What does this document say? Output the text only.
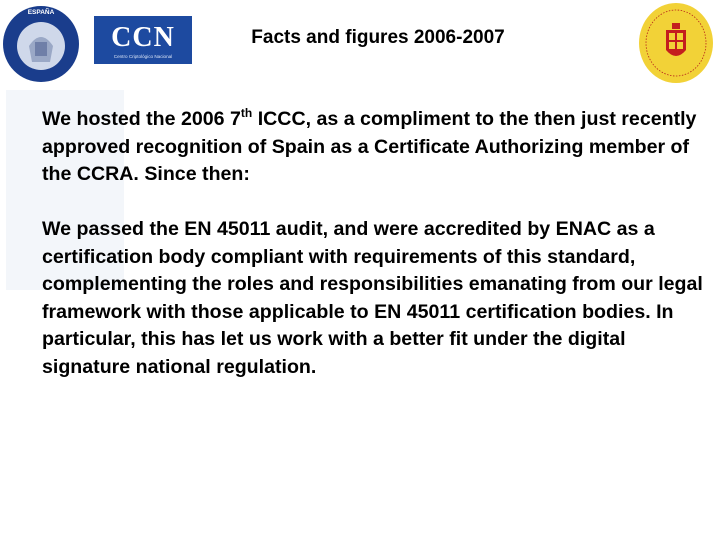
ESPAÑA
CCN
Centro Criptológico Nacional
Facts and figures 2006-2007

We hosted the 2006 7th ICCC, as a compliment to the then just recently approved recognition of Spain as a Certificate Authorizing member of the CCRA. Since then:

We passed the EN 45011 audit, and were accredited by ENAC as a certification body compliant with requirements of this standard, complementing the roles and responsibilities emanating from our legal framework with those applicable to EN 45011 certification bodies. In particular, this has let us work with a better fit under the digital signature national regulation.
